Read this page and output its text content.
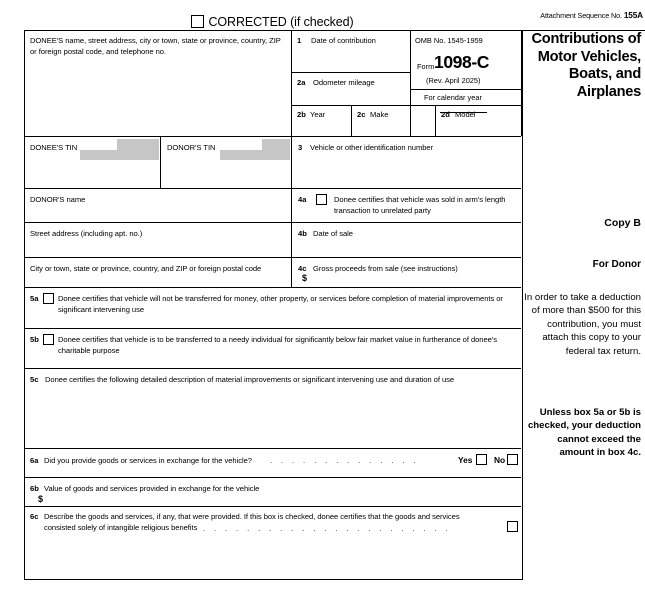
CORRECTED (if checked)	Attachment Sequence No. 155A
1 Date of contribution
2a Odometer mileage
OMB No. 1545-1959
Form 1098-C
(Rev. April 2025)
For calendar year
Contributions of Motor Vehicles, Boats, and Airplanes
2b Year	2c Make	2d Model
DONEE'S name, street address, city or town, state or province, country, ZIP or foreign postal code, and telephone no.
DONEE'S TIN	DONOR'S TIN	3 Vehicle or other identification number
DONOR'S name	4a	Donee certifies that vehicle was sold in arm's length transaction to unrelated party
Street address (including apt. no.)	4b Date of sale
City or town, state or province, country, and ZIP or foreign postal code	4c Gross proceeds from sale (see instructions)
$
5a	Donee certifies that vehicle will not be transferred for money, other property, or services before completion of material improvements or significant intervening use
5b	Donee certifies that vehicle is to be transferred to a needy individual for significantly below fair market value in furtherance of donee's charitable purpose
5c Donee certifies the following detailed description of material improvements or significant intervening use and duration of use
6a Did you provide goods or services in exchange for the vehicle? . . . . . . . . . . . . . .	Yes	No
6b Value of goods and services provided in exchange for the vehicle
$
6c Describe the goods and services, if any, that were provided. If this box is checked, donee certifies that the goods and services
consisted solely of intangible religious benefits . . . . . . . . . . . . . . . . . . . . . . .
Copy B
For Donor
In order to take a deduction of more than $500 for this contribution, you must attach this copy to your federal tax return.
Unless box 5a or 5b is checked, your deduction cannot exceed the amount in box 4c.
